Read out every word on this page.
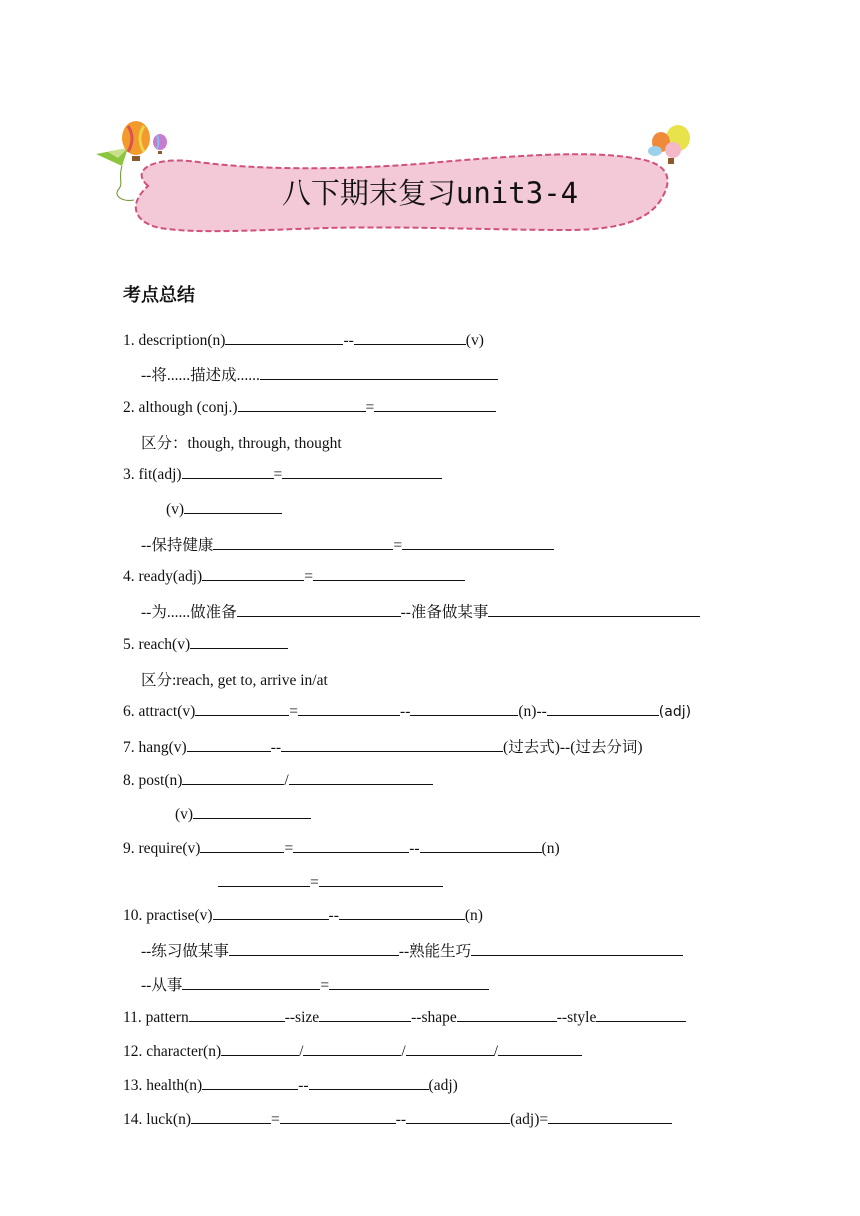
八下期末复习unit3-4
考点总结
1. description(n)	--	(v)
--将......描述成......
2. although (conj.)	=
区分：though, through, thought
3. fit(adj)	=
(v)
--保持健康	=
4. ready(adj)	=
--为......做准备	--准备做某事
5. reach(v)
区分:reach, get to, arrive in/at
6. attract(v)	=	--	(n)--	(adj)
7. hang(v)	--	(过去式)--(过去分词)
8. post(n)	/
(v)
9. require(v)	=	--	(n)
=
10. practise(v)	--	(n)
--练习做某事	--熟能生巧
--从事	=
11. pattern	--size	--shape	--style
12. character(n)	/	/	/
13. health(n)	--	(adj)
14. luck(n)	=	--	(adj)=
